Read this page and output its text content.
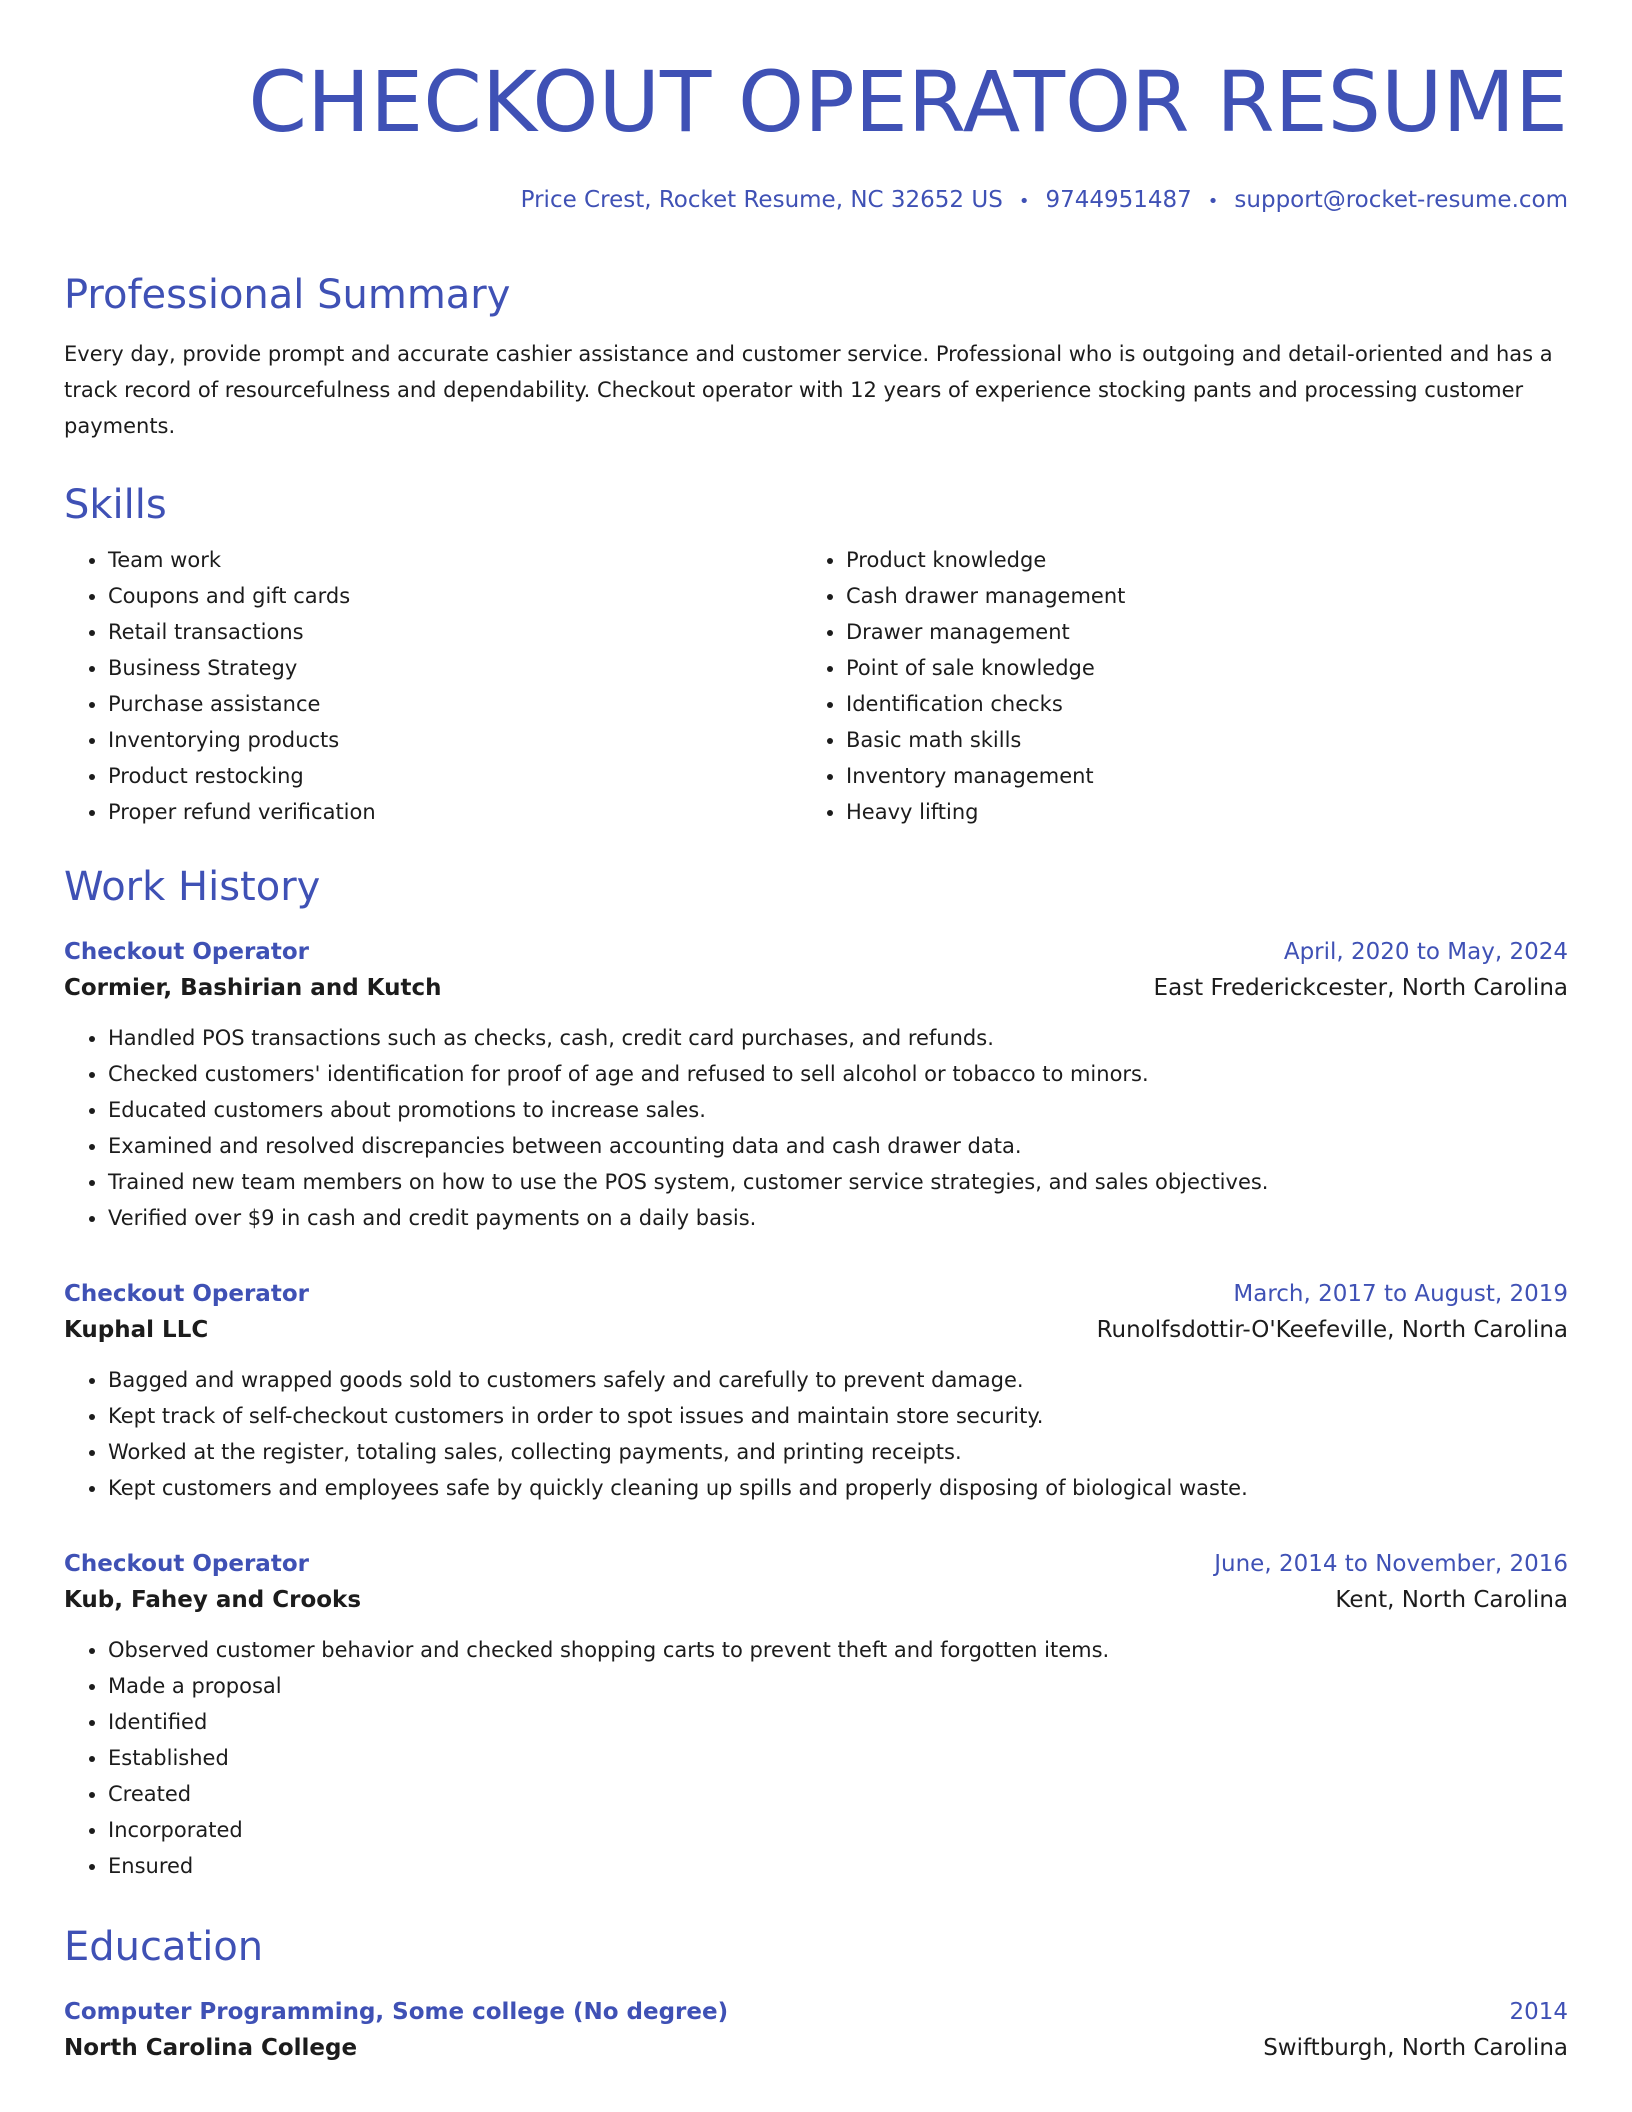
CHECKOUT OPERATOR RESUME
Price Crest, Rocket Resume, NC 32652 US • 9744951487 • support@rocket-resume.com
Professional Summary

Every day, provide prompt and accurate cashier assistance and customer service. Professional who is outgoing and detail-oriented and has a track record of resourcefulness and dependability. Checkout operator with 12 years of experience stocking pants and processing customer payments.

Skills
• Team work
• Coupons and gift cards
• Retail transactions
• Business Strategy
• Purchase assistance
• Inventorying products
• Product restocking
• Proper refund verification
• Product knowledge
• Cash drawer management
• Drawer management
• Point of sale knowledge
• Identification checks
• Basic math skills
• Inventory management
• Heavy lifting
Work History
Checkout Operator	April, 2020 to May, 2024
Cormier, Bashirian and Kutch	East Frederickcester, North Carolina
• Handled POS transactions such as checks, cash, credit card purchases, and refunds.
• Checked customers' identification for proof of age and refused to sell alcohol or tobacco to minors.
• Educated customers about promotions to increase sales.
• Examined and resolved discrepancies between accounting data and cash drawer data.
• Trained new team members on how to use the POS system, customer service strategies, and sales objectives.
• Verified over $9 in cash and credit payments on a daily basis.
Checkout Operator	March, 2017 to August, 2019
Kuphal LLC	Runolfsdottir-O'Keefeville, North Carolina
• Bagged and wrapped goods sold to customers safely and carefully to prevent damage.
• Kept track of self-checkout customers in order to spot issues and maintain store security.
• Worked at the register, totaling sales, collecting payments, and printing receipts.
• Kept customers and employees safe by quickly cleaning up spills and properly disposing of biological waste.
Checkout Operator	June, 2014 to November, 2016
Kub, Fahey and Crooks	Kent, North Carolina
• Observed customer behavior and checked shopping carts to prevent theft and forgotten items.
• Made a proposal
• Identified
• Established
• Created
• Incorporated
• Ensured
Education
Computer Programming, Some college (No degree)	2014
North Carolina College	Swiftburgh, North Carolina
